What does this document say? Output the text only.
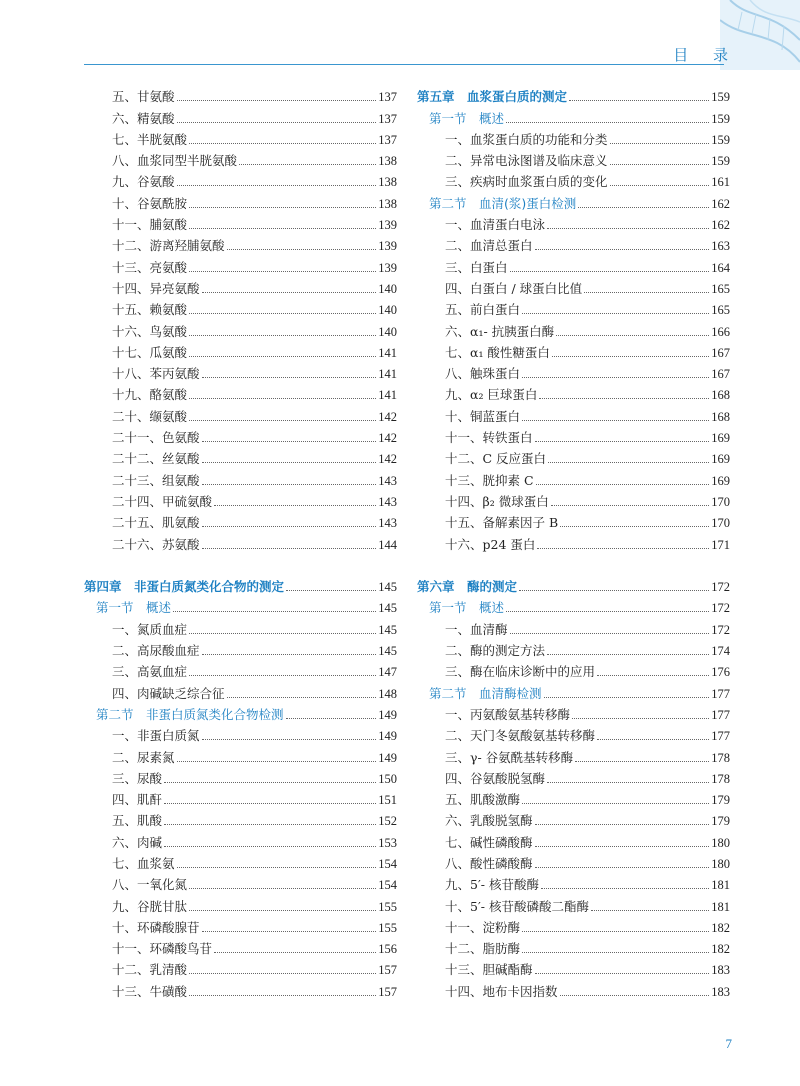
目 录
五、甘氨酸	137
六、精氨酸	137
七、半胱氨酸	137
八、血浆同型半胱氨酸	138
九、谷氨酸	138
十、谷氨酰胺	138
十一、脯氨酸	139
十二、游离羟脯氨酸	139
十三、亮氨酸	139
十四、异亮氨酸	140
十五、赖氨酸	140
十六、鸟氨酸	140
十七、瓜氨酸	141
十八、苯丙氨酸	141
十九、酪氨酸	141
二十、缬氨酸	142
二十一、色氨酸	142
二十二、丝氨酸	142
二十三、组氨酸	143
二十四、甲硫氨酸	143
二十五、肌氨酸	143
二十六、苏氨酸	144
第四章　非蛋白质氮类化合物的测定	145
第一节　概述	145
一、氮质血症	145
二、高尿酸血症	145
三、高氨血症	147
四、肉碱缺乏综合征	148
第二节　非蛋白质氮类化合物检测	149
一、非蛋白质氮	149
二、尿素氮	149
三、尿酸	150
四、肌酐	151
五、肌酸	152
六、肉碱	153
七、血浆氨	154
八、一氧化氮	154
九、谷胱甘肽	155
十、环磷酸腺苷	155
十一、环磷酸鸟苷	156
十二、乳清酸	157
十三、牛磺酸	157
第五章　血浆蛋白质的测定	159
第一节　概述	159
一、血浆蛋白质的功能和分类	159
二、异常电泳图谱及临床意义	159
三、疾病时血浆蛋白质的变化	161
第二节　血清(浆)蛋白检测	162
一、血清蛋白电泳	162
二、血清总蛋白	163
三、白蛋白	164
四、白蛋白 / 球蛋白比值	165
五、前白蛋白	165
六、α₁- 抗胰蛋白酶	166
七、α₁ 酸性糖蛋白	167
八、触珠蛋白	167
九、α₂ 巨球蛋白	168
十、铜蓝蛋白	168
十一、转铁蛋白	169
十二、C 反应蛋白	169
十三、胱抑素 C	169
十四、β₂ 微球蛋白	170
十五、备解素因子 B	170
十六、p24 蛋白	171
第六章　酶的测定	172
第一节　概述	172
一、血清酶	172
二、酶的测定方法	174
三、酶在临床诊断中的应用	176
第二节　血清酶检测	177
一、丙氨酸氨基转移酶	177
二、天门冬氨酸氨基转移酶	177
三、γ- 谷氨酰基转移酶	178
四、谷氨酸脱氢酶	178
五、肌酸激酶	179
六、乳酸脱氢酶	179
七、碱性磷酸酶	180
八、酸性磷酸酶	180
九、5′- 核苷酸酶	181
十、5′- 核苷酸磷酸二酯酶	181
十一、淀粉酶	182
十二、脂肪酶	182
十三、胆碱酯酶	183
十四、地布卡因指数	183
7
